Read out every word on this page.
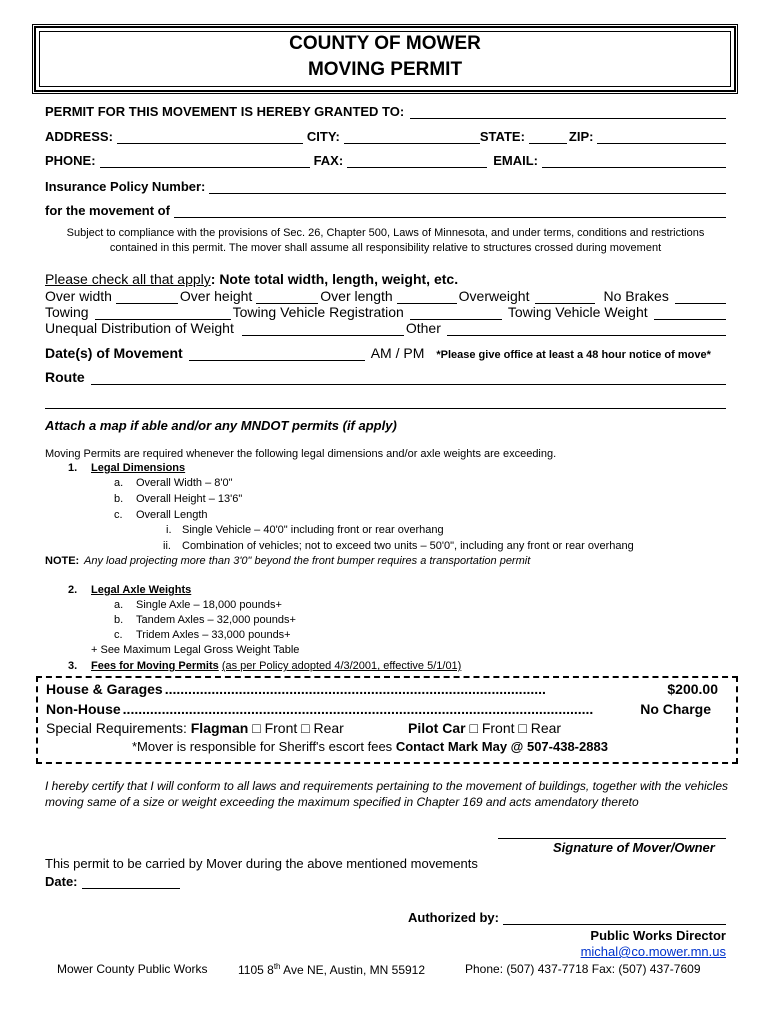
COUNTY OF MOWER
MOVING PERMIT
PERMIT FOR THIS MOVEMENT IS HEREBY GRANTED TO:
ADDRESS:	CITY:	STATE:	ZIP:
PHONE:	FAX:	EMAIL:
Insurance Policy Number:
for the movement of
Subject to compliance with the provisions of Sec. 26, Chapter 500, Laws of Minnesota, and under terms, conditions and restrictions contained in this permit. The mover shall assume all responsibility relative to structures crossed during movement
Please check all that apply : Note total width, length, weight, etc.
Over width	Over height	Over length	Overweight	No Brakes
Towing	Towing Vehicle Registration	Towing Vehicle Weight
Unequal Distribution of Weight	Other
Date(s) of Movement	AM / PM *Please give office at least a 48 hour notice of move*
Route
Attach a map if able and/or any MNDOT permits (if apply)
Moving Permits are required whenever the following legal dimensions and/or axle weights are exceeding.
1. Legal Dimensions
a. Overall Width – 8'0"
b. Overall Height – 13'6"
c. Overall Length
i. Single Vehicle – 40'0" including front or rear overhang
ii. Combination of vehicles; not to exceed two units – 50'0", including any front or rear overhang
NOTE: Any load projecting more than 3'0" beyond the front bumper requires a transportation permit
2. Legal Axle Weights
a. Single Axle – 18,000 pounds+
b. Tandem Axles – 32,000 pounds+
c. Tridem Axles – 33,000 pounds+
+ See Maximum Legal Gross Weight Table
3. Fees for Moving Permits (as per Policy adopted 4/3/2001, effective 5/1/01)
House & Garages ..................................................................................................	$200.00
Non-House .........................................................................................................................	No Charge
Special Requirements: Flagman □ Front □ Rear	Pilot Car □ Front □ Rear
*Mover is responsible for Sheriff's escort fees Contact Mark May @ 507-438-2883
I hereby certify that I will conform to all laws and requirements pertaining to the movement of buildings, together with the vehicles moving same of a size or weight exceeding the maximum specified in Chapter 169 and acts amendatory thereto
Signature of Mover/Owner
This permit to be carried by Mover during the above mentioned movements
Date:
Authorized by:
Public Works Director
michal@co.mower.mn.us
Mower County Public Works	1105 8th Ave NE, Austin, MN 55912	Phone: (507) 437-7718 Fax: (507) 437-7609
